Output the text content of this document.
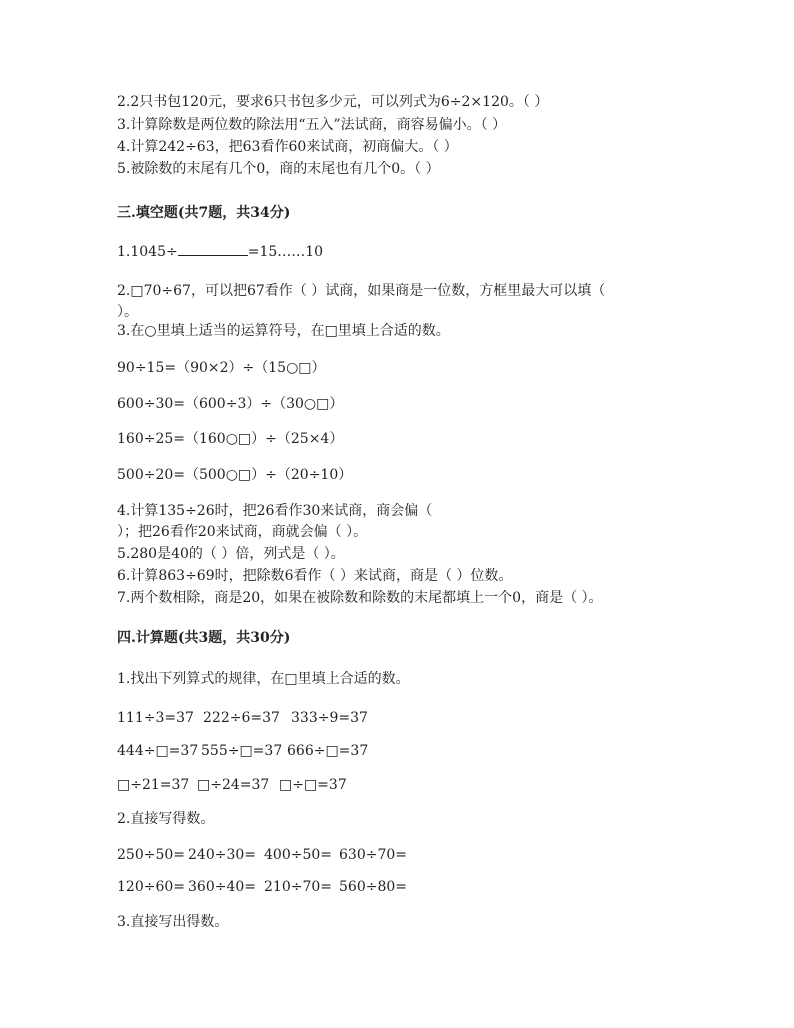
2.2只书包120元，要求6只书包多少元，可以列式为6÷2×120。（ ）
3.计算除数是两位数的除法用“五入”法试商，商容易偏小。（ ）
4.计算242÷63，把63看作60来试商，初商偏大。（ ）
5.被除数的末尾有几个0，商的末尾也有几个0。（ ）
三.填空题(共7题，共34分)
1.1045÷	=15……10
2.□70÷67，可以把67看作（ ）试商，如果商是一位数，方框里最大可以填（
）。
3.在○里填上适当的运算符号，在□里填上合适的数。
90÷15=（90×2）÷（15○□）
600÷30=（600÷3）÷（30○□）
160÷25=（160○□）÷（25×4）
500÷20=（500○□）÷（20÷10）
4.计算135÷26时，把26看作30来试商，商会偏（
）；把26看作20来试商，商就会偏（ ）。
5.280是40的（ ）倍，列式是（ ）。
6.计算863÷69时，把除数6看作（ ）来试商，商是（ ）位数。
7.两个数相除，商是20，如果在被除数和除数的末尾都填上一个0，商是（ ）。
四.计算题(共3题，共30分)
1.找出下列算式的规律，在□里填上合适的数。
111÷3=37 222÷6=37 333÷9=37
444÷□=37 555÷□=37 666÷□=37
□÷21=37 □÷24=37 □÷□=37
2.直接写得数。
250÷50= 240÷30= 400÷50= 630÷70=
120÷60= 360÷40= 210÷70= 560÷80=
3.直接写出得数。
